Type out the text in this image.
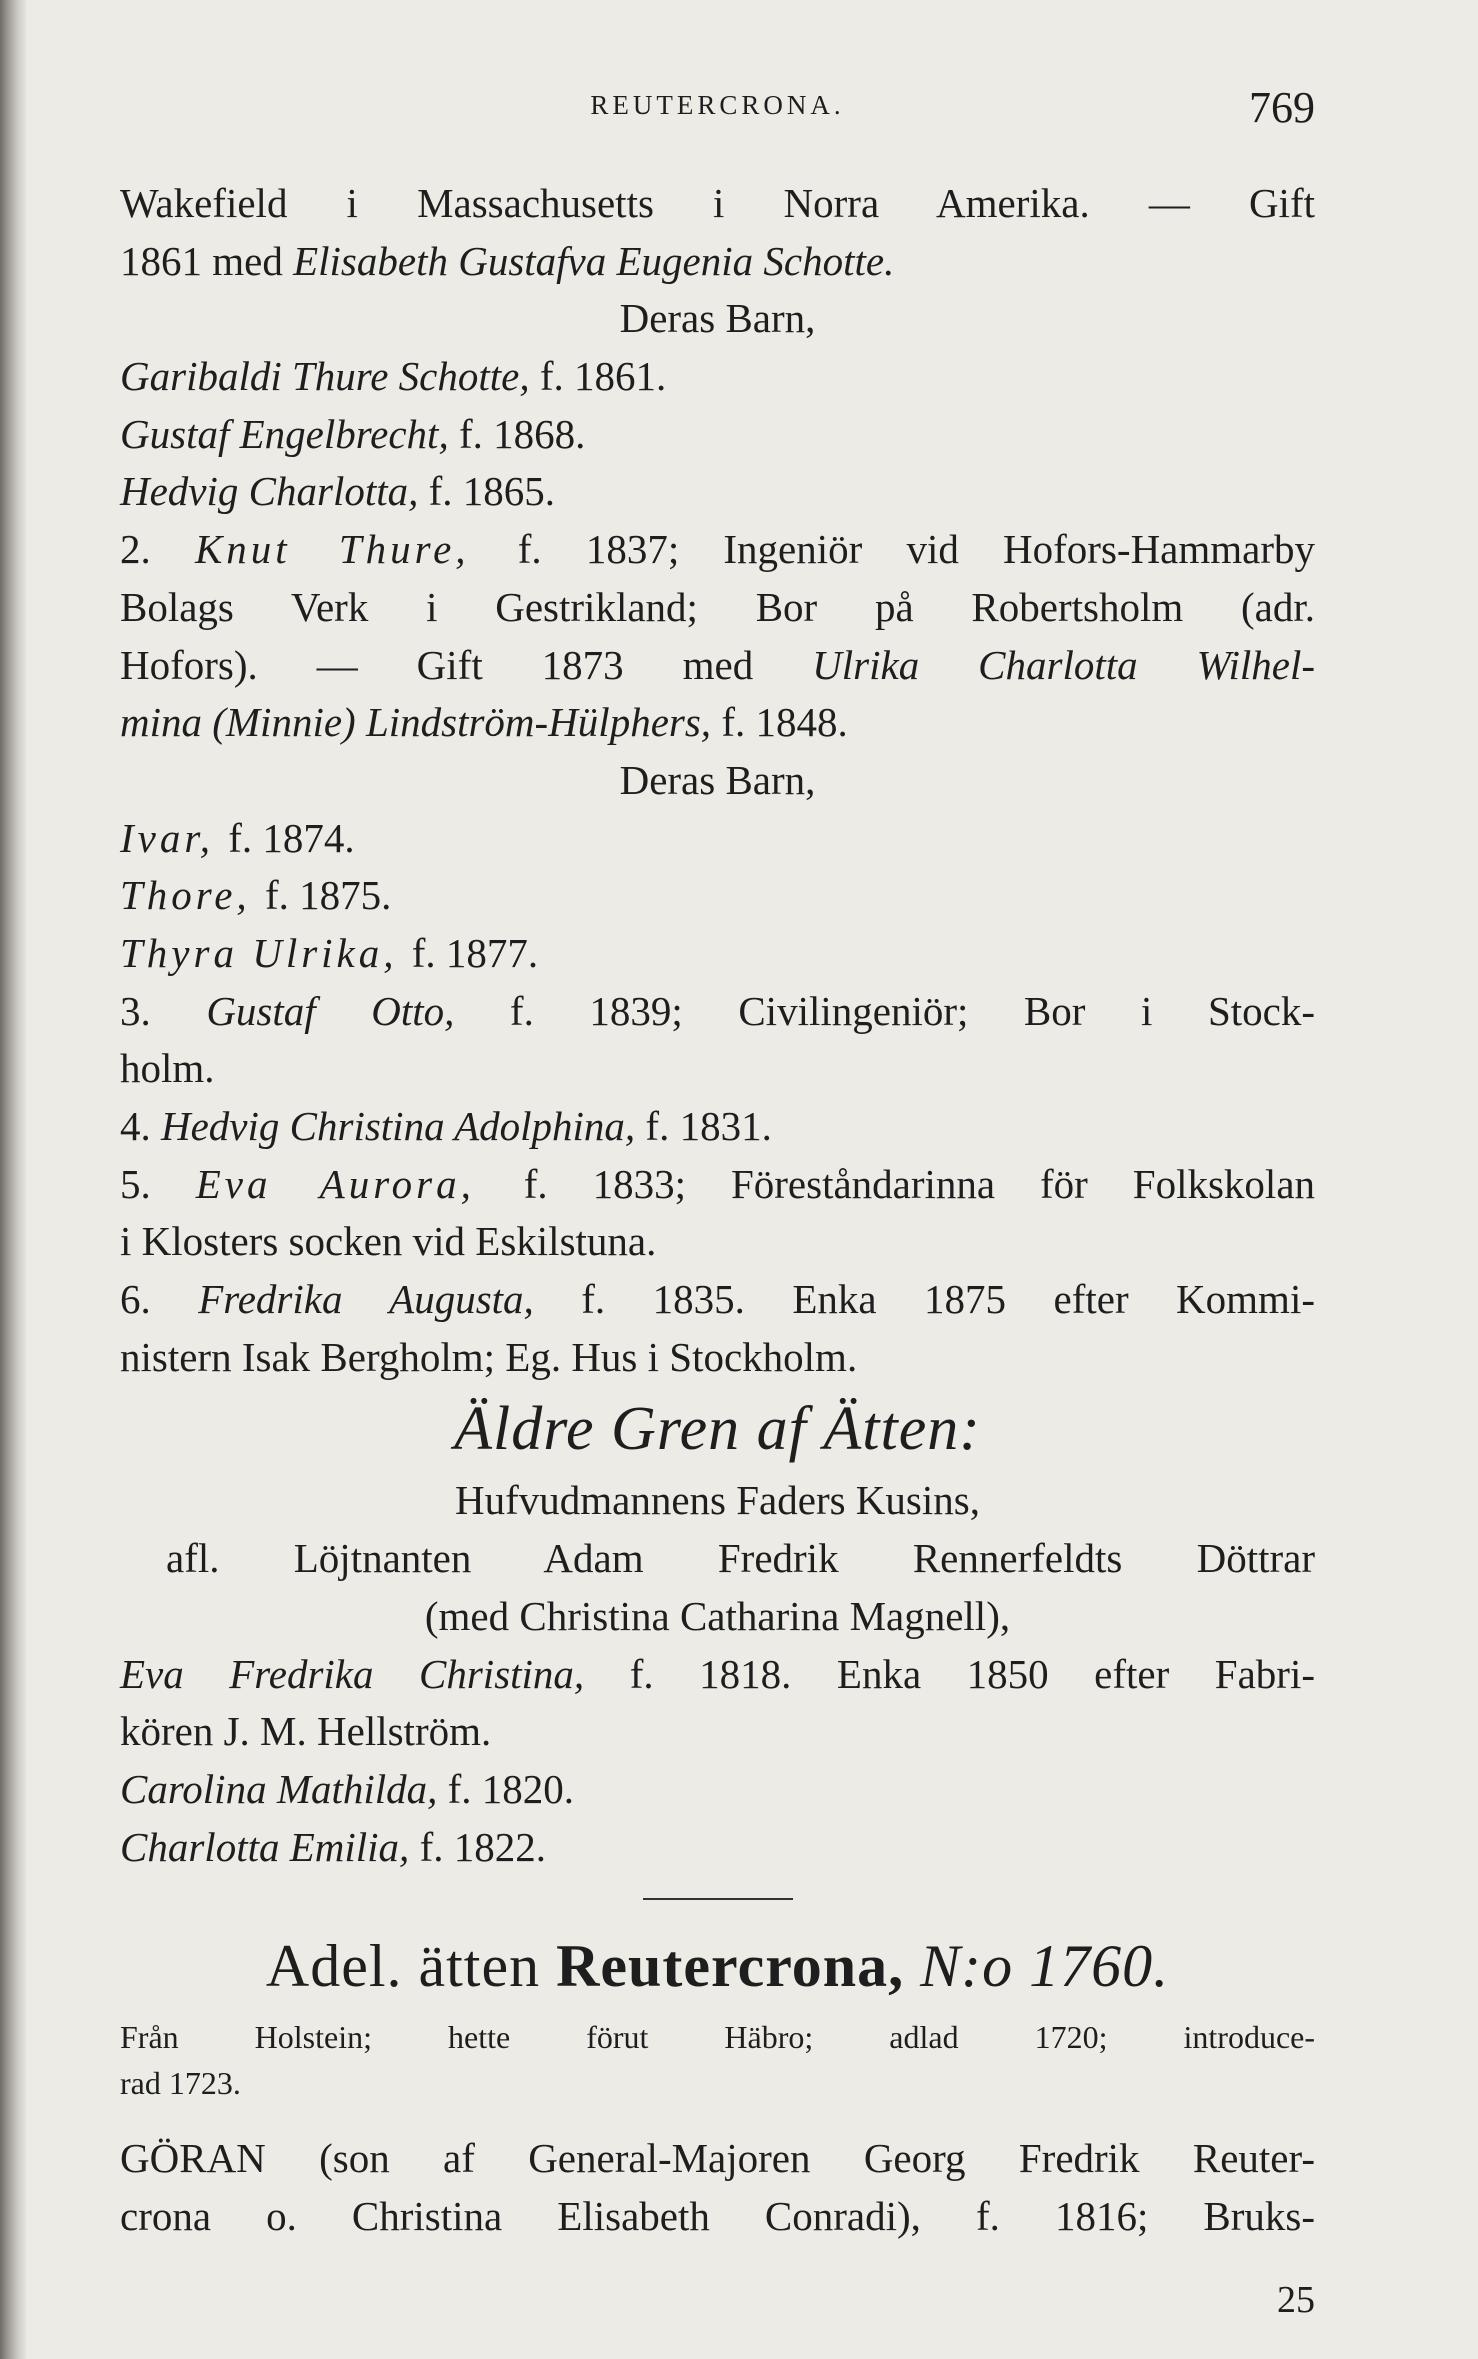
REUTERCRONA.	769
Wakefield i Massachusetts i Norra Amerika. — Gift
1861 med Elisabeth Gustafva Eugenia Schotte.
Deras Barn,
Garibaldi Thure Schotte, f. 1861.
Gustaf Engelbrecht, f. 1868.
Hedvig Charlotta, f. 1865.
2. Knut Thure, f. 1837; Ingeniör vid Hofors-Hammarby
Bolags Verk i Gestrikland; Bor på Robertsholm (adr.
Hofors). — Gift 1873 med Ulrika Charlotta Wilhel-
mina (Minnie) Lindström-Hülphers, f. 1848.
Deras Barn,
Ivar, f. 1874.
Thore, f. 1875.
Thyra Ulrika, f. 1877.
3. Gustaf Otto, f. 1839; Civilingeniör; Bor i Stock-
holm.
4. Hedvig Christina Adolphina, f. 1831.
5. Eva Aurora, f. 1833; Föreståndarinna för Folkskolan
i Klosters socken vid Eskilstuna.
6. Fredrika Augusta, f. 1835. Enka 1875 efter Kommi-
nistern Isak Bergholm; Eg. Hus i Stockholm.
Äldre Gren af Ätten:
Hufvudmannens Faders Kusins,
afl. Löjtnanten Adam Fredrik Rennerfeldts Döttrar
(med Christina Catharina Magnell),
Eva Fredrika Christina, f. 1818. Enka 1850 efter Fabri-
kören J. M. Hellström.
Carolina Mathilda, f. 1820.
Charlotta Emilia, f. 1822.
Adel. ätten Reutercrona, N:o 1760.
Från Holstein; hette förut Häbro; adlad 1720; introduce-
rad 1723.
GÖRAN (son af General-Majoren Georg Fredrik Reuter-
crona o. Christina Elisabeth Conradi), f. 1816; Bruks-
25
